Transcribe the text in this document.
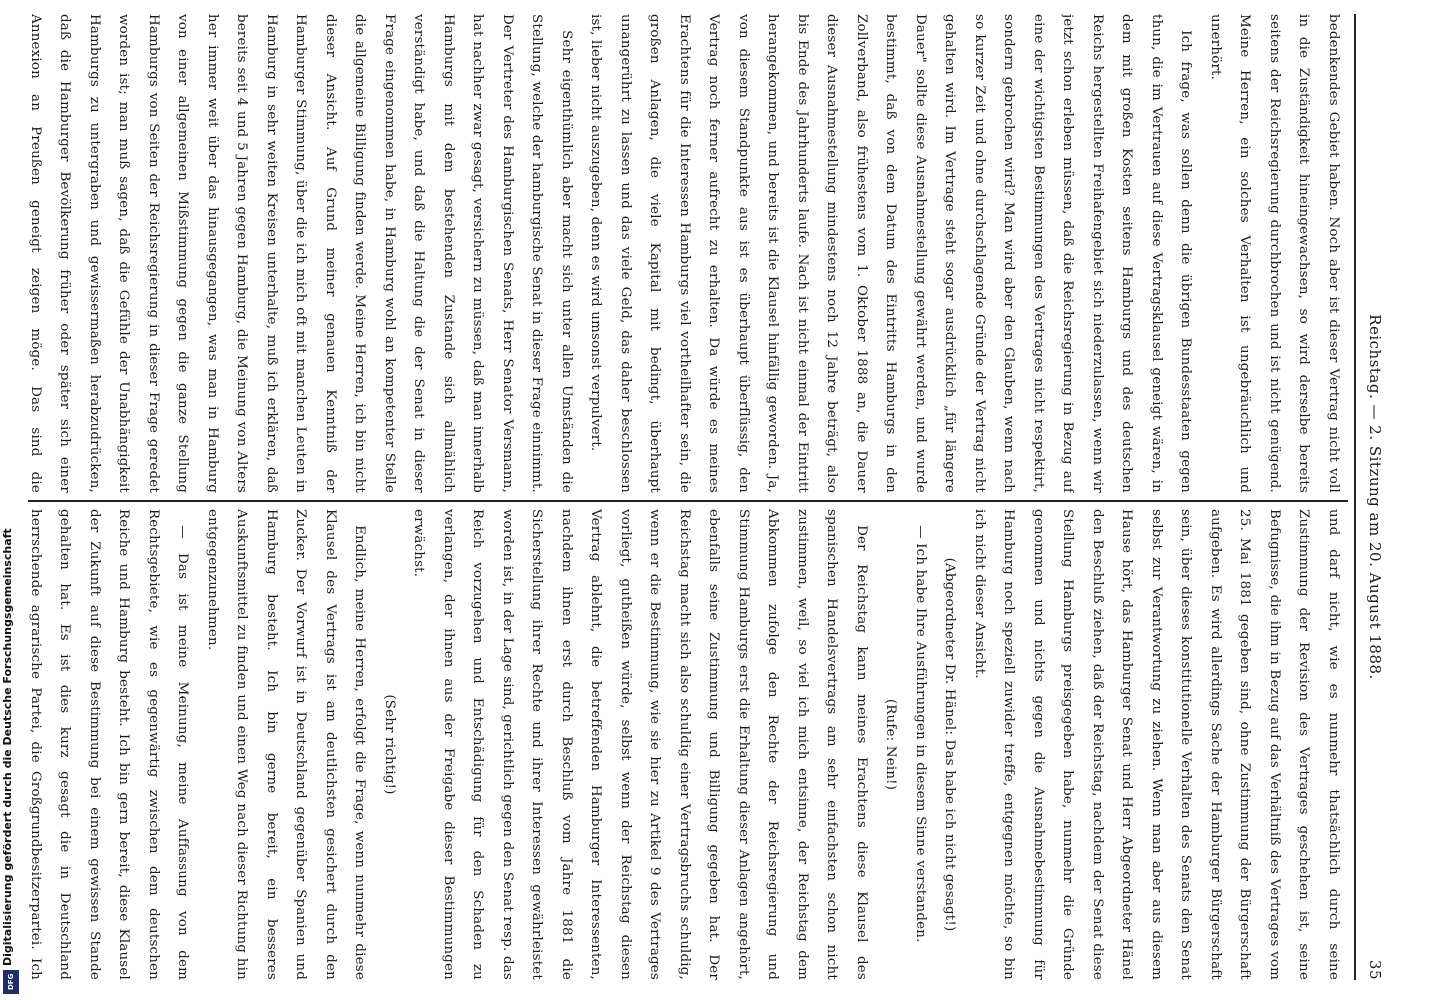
Reichstag. — 2. Sitzung am 20. August 1888.
35

bedenkendes Gebiet haben. Noch aber ist dieser Vertrag nicht voll in die Zuständigkeit hineingewachsen, so wird derselbe bereits seitens der Reichsregierung durchbrochen und ist nicht genügend. Meine Herren, ein solches Verhalten ist ungebräuchlich und unerhört.

Ich frage, was sollen denn die übrigen Bundesstaaten gegen thun, die im Vertrauen auf diese Vertragsklausel geneigt wären, in dem mit großen Kosten seitens Hamburgs und des deutschen Reichs hergestellten Freihafengebiet sich niederzulassen, wenn wir jetzt schon erleben müssen, daß die Reichsregierung in Bezug auf eine der wichtigsten Bestimmungen des Vertrages nicht respektirt, sondern gebrochen wird? Man wird aber den Glauben, wenn nach so kurzer Zeit und ohne durchschlagende Gründe der Vertrag nicht gehalten wird. Im Vertrage steht sogar ausdrücklich „für längere Dauer" sollte diese Ausnahmestellung gewährt werden, und wurde bestimmt, daß von dem Datum des Eintritts Hamburgs in den Zollverband, also frühestens vom 1. Oktober 1888 an, die Dauer dieser Ausnahmestellung mindestens noch 12 Jahre beträgt, also bis Ende des Jahrhunderts laufe. Nach ist nicht einmal der Eintritt herangekommen, und bereits ist die Klausel hinfällig geworden. Ja, von diesem Standpunkte aus ist es überhaupt überflüssig, den Vertrag noch ferner aufrecht zu erhalten. Da würde es meines Erachtens für die Interessen Hamburgs viel vortheilhafter sein, die großen Anlagen, die viele Kapital mit bedingt, überhaupt unangerührt zu lassen und das viele Geld, das daher beschlossen ist, lieber nicht auszugeben, denn es wird umsonst verpulvert.

Sehr eigenthümlich aber macht sich unter allen Umständen die Stellung, welche der hamburgische Senat in dieser Frage einnimmt. Der Vertreter des Hamburgischen Senats, Herr Senator Versmann, hat nachher zwar gesagt, versichern zu müssen, daß man innerhalb Hamburgs mit dem bestehenden Zustande sich allmählich verständigt habe, und daß die Haltung die der Senat in dieser Frage eingenommen habe, in Hamburg wohl an kompetenter Stelle die allgemeine Billigung finden werde. Meine Herren, ich bin nicht dieser Ansicht. Auf Grund meiner genauen Kenntniß der Hamburger Stimmung, über die ich mich oft mit manchen Leuten in Hamburg in sehr weiten Kreisen unterhalte, muß ich erklären, daß bereits seit 4 und 5 Jahren gegen Hamburg, die Meinung von Alters her immer weit über das hinausgegangen, was man in Hamburg von einer allgemeinen Mißstimmung gegen die ganze Stellung Hamburgs von Seiten der Reichsregierung in dieser Frage geredet worden ist; man muß sagen, daß die Gefühle der Unabhängigkeit Hamburgs zu untergraben und gewissermaßen herabzudrücken, daß die Hamburger Bevölkerung früher oder später sich einer Annexion an Preußen geneigt zeigen möge. Das sind die

und darf nicht, wie es nunmehr thatsächlich durch seine Zustimmung der Revision des Vertrages geschehen ist, seine Befugnisse, die ihm in Bezug auf das Verhältniß des Vertrages vom 25. Mai 1881 gegeben sind, ohne Zustimmung der Bürgerschaft aufgeben. Es wird allerdings Sache der Hamburger Bürgerschaft sein, über dieses konstitutionelle Verhalten des Senats den Senat selbst zur Verantwortung zu ziehen. Wenn man aber aus diesem Hause hört, das Hamburger Senat und Herr Abgeordneter Hänel den Beschluß ziehen, daß der Reichstag, nachdem der Senat diese Stellung Hamburgs preisgegeben habe, nunmehr die Gründe genommen und nichts gegen die Ausnahmebestimmung für Hamburg noch speziell zuwider treffe, entgegnen möchte, so bin ich nicht dieser Ansicht.

(Abgeordneter Dr. Hänel: Das habe ich nicht gesagt!)

— Ich habe Ihre Ausführungen in diesem Sinne verstanden.

(Rufe: Nein!)

Der Reichstag kann meines Erachtens diese Klausel des spanischen Handelsvertrags am sehr einfachsten schon nicht zustimmen, weil, so viel ich mich entsinne, der Reichstag dem Abkommen zufolge den Rechte der Reichsregierung und Stimmung Hamburgs erst die Erhaltung dieser Anlagen angehört, ebenfalls seine Zustimmung und Billigung gegeben hat. Der Reichstag macht sich also schuldig einer Vertragsbruchs schuldig, wenn er die Bestimmung, wie sie hier zu Artikel 9 des Vertrages vorliegt, gutheißen würde, selbst wenn der Reichstag diesen Vertrag ablehnt, die betreffenden Hamburger Interessenten, nachdem ihnen erst durch Beschluß vom Jahre 1881 die Sicherstellung ihrer Rechte und ihrer Interessen gewährleistet worden ist, in der Lage sind, gerichtlich gegen den Senat resp. das Reich vorzugehen und Entschädigung für den Schaden zu verlangen, der ihnen aus der Freigabe dieser Bestimmungen erwächst.

(Sehr richtig!)

Endlich, meine Herren, erfolgt die Frage, wenn nunmehr diese Klausel des Vertrags ist am deutlichsten gesichert durch den Zucker. Der Vorwurf ist in Deutschland gegenüber Spanien und Hamburg besteht. Ich bin gerne bereit, ein besseres Auskunftsmittel zu finden und einen Weg nach dieser Richtung hin entgegenzunehmen.

— Das ist meine Meinung, meine Auffassung von dem Rechtsgebiete, wie es gegenwärtig zwischen dem deutschen Reiche und Hamburg besteht. Ich bin gern bereit, diese Klausel der Zukunft auf diese Bestimmung bei einem gewissen Stande gehalten hat. Es ist dies kurz gesagt die in Deutschland herrschende agrarische Partei, die Großgrundbesitzerpartei. Ich

Digitalisierung gefördert durch die Deutsche Forschungsgemeinschaft
DFG
